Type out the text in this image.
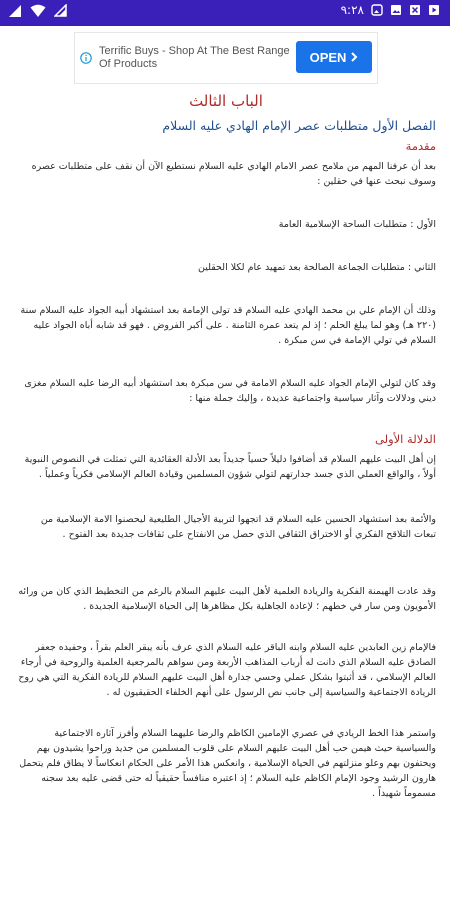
٩:٢٨
Terrific Buys - Shop At The Best Range Of Products	OPEN
الباب الثالث
الفصل الأول متطلبات عصر الإمام الهادي عليه السلام
مقدمة

بعد أن عرفنا المهم من ملامح عصر الامام الهادي عليه السلام نستطيع الآن أن نقف على متطلبات عصره وسوف نبحث عنها في حقلين :

الأول : متطلبات الساحة الإسلامية العامة

الثاني : متطلبات الجماعة الصالحة بعد تمهيد عام لكلا الحقلين

وذلك أن الإمام علي بن محمد الهادي عليه السلام قد تولى الإمامة بعد استشهاد أبيه الجواد عليه السلام سنة (٢٢٠ هـ) وهو لما يبلغ الحلم ؛ إذ لم يتعد عمره الثامنة . على أكبر الفروض . فهو قد شابه أباه الجواد عليه السلام في تولي الإمامة في سن مبكرة .

وقد كان لتولي الإمام الجواد عليه السلام الامامة في سن مبكرة بعد استشهاد أبيه الرضا عليه السلام مغزى ديني ودلالات وآثار سياسية واجتماعية عديدة ، وإليك جملة منها :

الدلالة الأولى

إن أهل البيت عليهم السلام قد أضافوا دليلاً حسياً جديداً بعد الأدلة العقائدية التي تمثلت في النصوص النبوية أولاً ، والواقع العملي الذي جسد جدارتهم لتولي شؤون المسلمين وقيادة العالم الإسلامي فكرياً وعملياً .

والأئمة بعد استشهاد الحسين عليه السلام قد اتجهوا لتربية الأجيال الطليعية ليحصنوا الامة الإسلامية من تبعات التلاقح الفكري أو الاختراق الثقافي الذي حصل من الانفتاح على ثقافات جديدة بعد الفتوح .

وقد عادت الهيمنة الفكرية والريادة العلمية لأهل البيت عليهم السلام بالرغم من التخطيط الذي كان من ورائه الأمويون ومن سار في خطهم ؛ لإعادة الجاهلية بكل مظاهرها إلى الحياة الإسلامية الجديدة .

فالإمام زين العابدين عليه السلام وابنه الباقر عليه السلام الذي عرف بأنه يبقر العلم بقراً ، وحفيده جعفر الصادق عليه السلام الذي دانت له أرباب المذاهب الأربعة ومن سواهم بالمرجعية العلمية والروحية في أرجاء العالم الإسلامي ، قد أثبتوا بشكل عملي وحسي جدارة أهل البيت عليهم السلام للريادة الفكرية التي هي روح الريادة الاجتماعية والسياسية إلى جانب نص الرسول على أنهم الخلفاء الحقيقيون له .

واستمر هذا الخط الريادي في عصري الإمامين الكاظم والرضا عليهما السلام وأفرز آثاره الاجتماعية والسياسية حيث هيمن حب أهل البيت عليهم السلام على قلوب المسلمين من جديد وراحوا يشيدون بهم ويحتفون بهم وعلو منزلتهم في الحياة الإسلامية ، وانعكس هذا الأمر على الحكام انعكاساً لا يطاق فلم يتحمل هارون الرشيد وجود الإمام الكاظم عليه السلام ؛ إذ اعتبره منافساً حقيقياً له حتى قضى عليه بعد سجنه مسموماً شهيداً .
